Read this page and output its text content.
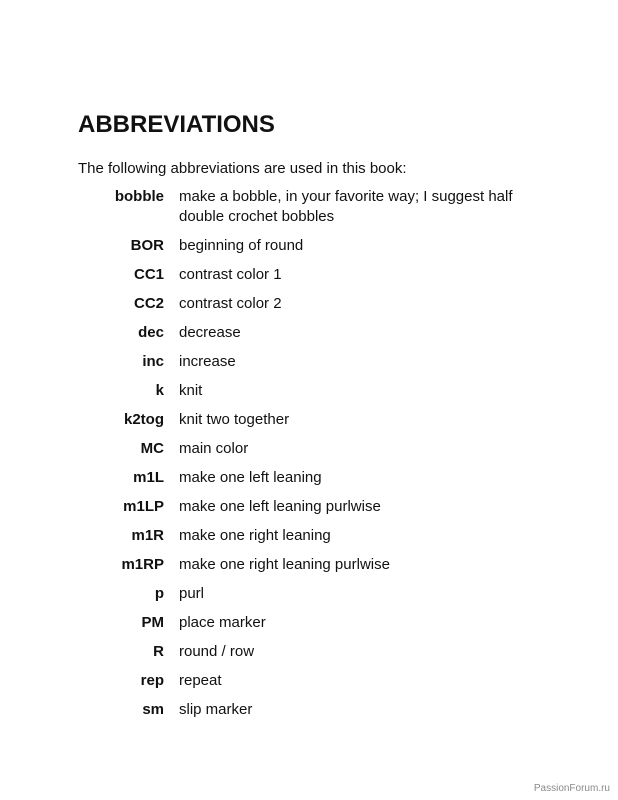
ABBREVIATIONS

The following abbreviations are used in this book:

bobble make a bobble, in your favorite way; I suggest half double crochet bobbles
BOR beginning of round
CC1 contrast color 1
CC2 contrast color 2
dec decrease
inc increase
k knit
k2tog knit two together
MC main color
m1L make one left leaning
m1LP make one left leaning purlwise
m1R make one right leaning
m1RP make one right leaning purlwise
p purl
PM place marker
R round / row
rep repeat
sm slip marker
PassionForum.ru
